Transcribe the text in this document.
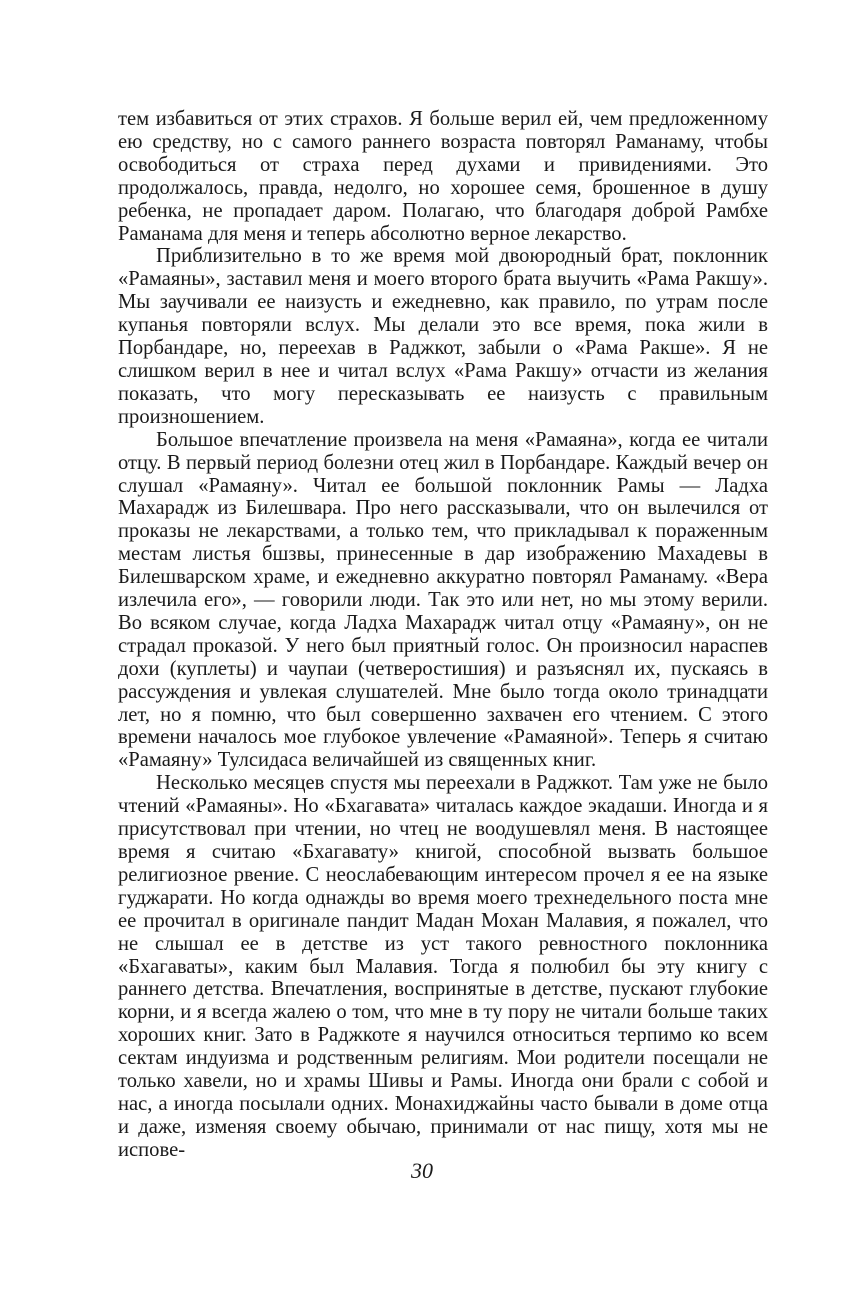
тем избавиться от этих страхов. Я больше верил ей, чем предложенному ею средству, но с самого раннего возраста повторял Раманаму, чтобы освободиться от страха перед духами и привидениями. Это продолжалось, правда, недолго, но хорошее семя, брошенное в душу ребенка, не пропадает даром. Полагаю, что благодаря доброй Рамбхе Раманама для меня и теперь абсолютно верное лекарство.

Приблизительно в то же время мой двоюродный брат, поклонник «Рамаяны», заставил меня и моего второго брата выучить «Рама Ракшу». Мы заучивали ее наизусть и ежедневно, как правило, по утрам после купанья повторяли вслух. Мы делали это все время, пока жили в Порбандаре, но, переехав в Раджкот, забыли о «Рама Ракше». Я не слишком верил в нее и читал вслух «Рама Ракшу» отчасти из желания показать, что могу пересказывать ее наизусть с правильным произношением.

Большое впечатление произвела на меня «Рамаяна», когда ее читали отцу. В первый период болезни отец жил в Порбандаре. Каждый вечер он слушал «Рамаяну». Читал ее большой поклонник Рамы — Ладха Махарадж из Билешвара. Про него рассказывали, что он вылечился от проказы не лекарствами, а только тем, что прикладывал к пораженным местам листья бшзвы, принесенные в дар изображению Махадевы в Билешварском храме, и ежедневно аккуратно повторял Раманаму. «Вера излечила его», — говорили люди. Так это или нет, но мы этому верили. Во всяком случае, когда Ладха Махарадж читал отцу «Рамаяну», он не страдал проказой. У него был приятный голос. Он произносил нараспев дохи (куплеты) и чаупаи (четверостишия) и разъяснял их, пускаясь в рассуждения и увлекая слушателей. Мне было тогда около тринадцати лет, но я помню, что был совершенно захвачен его чтением. С этого времени началось мое глубокое увлечение «Рамаяной». Теперь я считаю «Рамаяну» Тулсидаса величайшей из священных книг.

Несколько месяцев спустя мы переехали в Раджкот. Там уже не было чтений «Рамаяны». Но «Бхагавата» читалась каждое экадаши. Иногда и я присутствовал при чтении, но чтец не воодушевлял меня. В настоящее время я считаю «Бхагавату» книгой, способной вызвать большое религиозное рвение. С неослабевающим интересом прочел я ее на языке гуджарати. Но когда однажды во время моего трехнедельного поста мне ее прочитал в оригинале пандит Мадан Мохан Малавия, я пожалел, что не слышал ее в детстве из уст такого ревностного поклонника «Бхагаваты», каким был Малавия. Тогда я полюбил бы эту книгу с раннего детства. Впечатления, воспринятые в детстве, пускают глубокие корни, и я всегда жалею о том, что мне в ту пору не читали больше таких хороших книг. Зато в Раджкоте я научился относиться терпимо ко всем сектам индуизма и родственным религиям. Мои родители посещали не только хавели, но и храмы Шивы и Рамы. Иногда они брали с собой и нас, а иногда посылали одних. Монахиджайны часто бывали в доме отца и даже, изменяя своему обычаю, принимали от нас пищу, хотя мы не испове-

30
